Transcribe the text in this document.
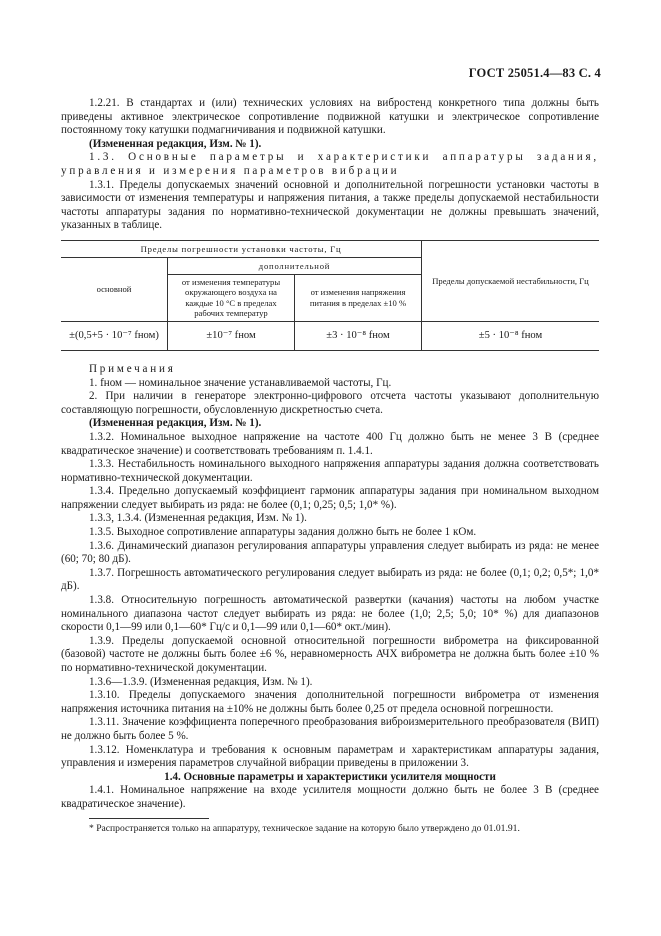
ГОСТ 25051.4—83 С. 4

1.2.21. В стандартах и (или) технических условиях на вибростенд конкретного типа должны быть приведены активное электрическое сопротивление подвижной катушки и электрическое сопротивление постоянному току катушки подмагничивания и подвижной катушки.

(Измененная редакция, Изм. № 1).

1.3. Основные параметры и характеристики аппаратуры задания, управления и измерения параметров вибрации

1.3.1. Пределы допускаемых значений основной и дополнительной погрешности установки частоты в зависимости от изменения температуры и напряжения питания, а также пределы допускаемой нестабильности частоты аппаратуры задания по нормативно-технической документации не должны превышать значений, указанных в таблице.

Пределы погрешности установки частоты, Гц			Пределы допускаемой нестабильности, Гц
основной	дополнительной		
	от изменения температуры окружающего воздуха на каждые 10 °С в пределах рабочих температур	от изменения напряжения питания в пределах ±10 %	
±(0,5+5 · 10⁻⁷ fном)	±10⁻⁷ fном	±3 · 10⁻⁸ fном	±5 · 10⁻⁸ fном

Примечания

1. fном — номинальное значение устанавливаемой частоты, Гц.

2. При наличии в генераторе электронно-цифрового отсчета частоты указывают дополнительную составляющую погрешности, обусловленную дискретностью счета.

(Измененная редакция, Изм. № 1).

1.3.2. Номинальное выходное напряжение на частоте 400 Гц должно быть не менее 3 В (среднее квадратическое значение) и соответствовать требованиям п. 1.4.1.

1.3.3. Нестабильность номинального выходного напряжения аппаратуры задания должна соответствовать нормативно-технической документации.

1.3.4. Предельно допускаемый коэффициент гармоник аппаратуры задания при номинальном выходном напряжении следует выбирать из ряда: не более (0,1; 0,25; 0,5; 1,0* %).

1.3.3, 1.3.4. (Измененная редакция, Изм. № 1).

1.3.5. Выходное сопротивление аппаратуры задания должно быть не более 1 кОм.

1.3.6. Динамический диапазон регулирования аппаратуры управления следует выбирать из ряда: не менее (60; 70; 80 дБ).

1.3.7. Погрешность автоматического регулирования следует выбирать из ряда: не более (0,1; 0,2; 0,5*; 1,0* дБ).

1.3.8. Относительную погрешность автоматической развертки (качания) частоты на любом участке номинального диапазона частот следует выбирать из ряда: не более (1,0; 2,5; 5,0; 10* %) для диапазонов скорости 0,1—99 или 0,1—60* Гц/с и 0,1—99 или 0,1—60* окт./мин).

1.3.9. Пределы допускаемой основной относительной погрешности виброметра на фиксированной (базовой) частоте не должны быть более ±6 %, неравномерность АЧХ виброметра не должна быть более ±10 % по нормативно-технической документации.

1.3.6—1.3.9. (Измененная редакция, Изм. № 1).

1.3.10. Пределы допускаемого значения дополнительной погрешности виброметра от изменения напряжения источника питания на ±10% не должны быть более 0,25 от предела основной погрешности.

1.3.11. Значение коэффициента поперечного преобразования виброизмерительного преобразователя (ВИП) не должно быть более 5 %.

1.3.12. Номенклатура и требования к основным параметрам и характеристикам аппаратуры задания, управления и измерения параметров случайной вибрации приведены в приложении 3.

1.4. Основные параметры и характеристики усилителя мощности

1.4.1. Номинальное напряжение на входе усилителя мощности должно быть не более 3 В (среднее квадратическое значение).

* Распространяется только на аппаратуру, техническое задание на которую было утверждено до 01.01.91.
